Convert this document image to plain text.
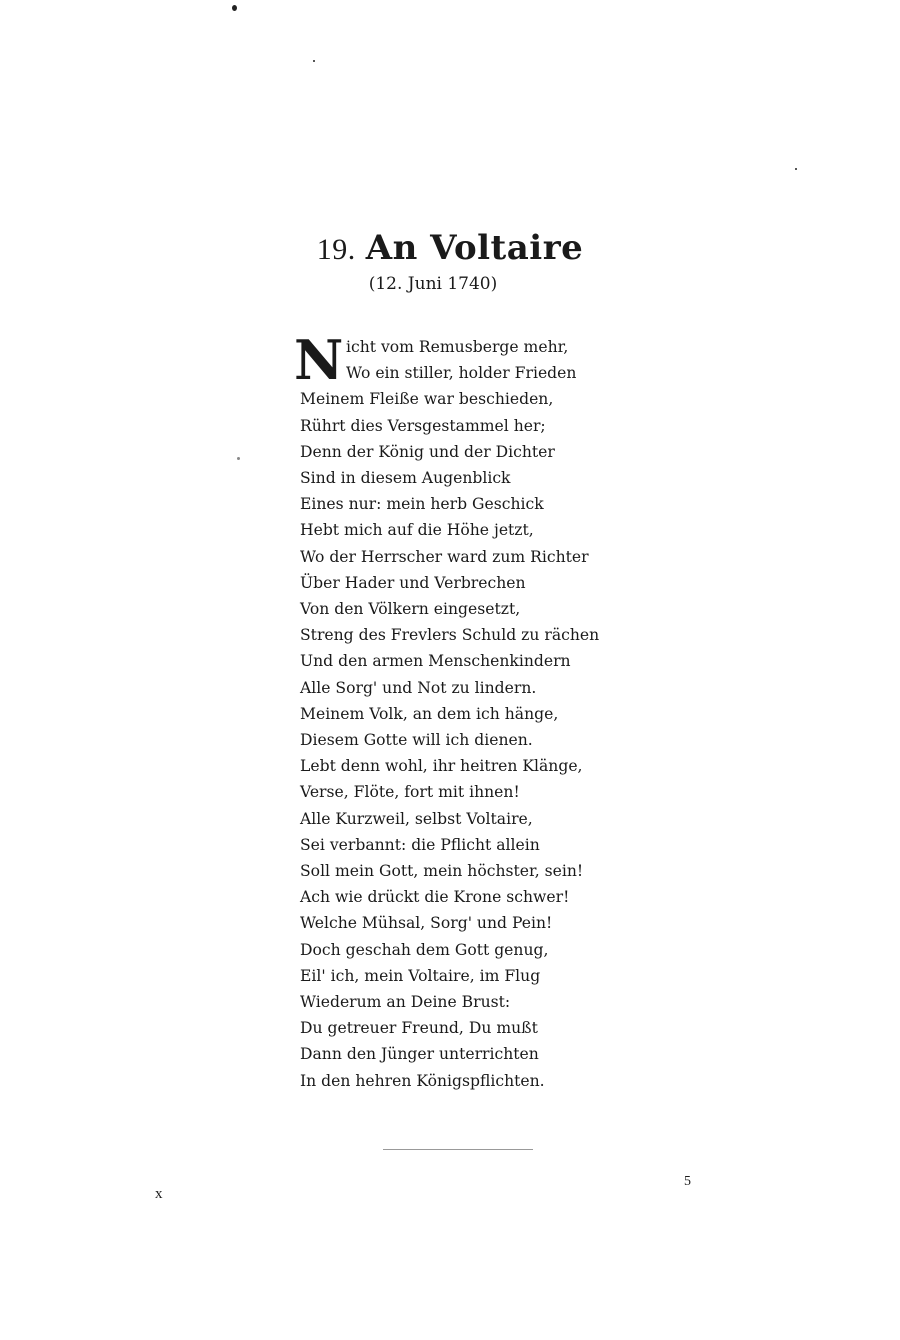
19. An Voltaire
(12. Juni 1740)
N icht vom Remusberge mehr,
Wo ein stiller, holder Frieden
Meinem Fleiße war beschieden,
Rührt dies Versgestammel her;
Denn der König und der Dichter
Sind in diesem Augenblick
Eines nur: mein herb Geschick
Hebt mich auf die Höhe jetzt,
Wo der Herrscher ward zum Richter
Über Hader und Verbrechen
Von den Völkern eingesetzt,
Streng des Frevlers Schuld zu rächen
Und den armen Menschenkindern
Alle Sorg' und Not zu lindern.
Meinem Volk, an dem ich hänge,
Diesem Gotte will ich dienen.
Lebt denn wohl, ihr heitren Klänge,
Verse, Flöte, fort mit ihnen!
Alle Kurzweil, selbst Voltaire,
Sei verbannt: die Pflicht allein
Soll mein Gott, mein höchster, sein!
Ach wie drückt die Krone schwer!
Welche Mühsal, Sorg' und Pein!
Doch geschah dem Gott genug,
Eil' ich, mein Voltaire, im Flug
Wiederum an Deine Brust:
Du getreuer Freund, Du mußt
Dann den Jünger unterrichten
In den hehren Königspflichten.
x
5
